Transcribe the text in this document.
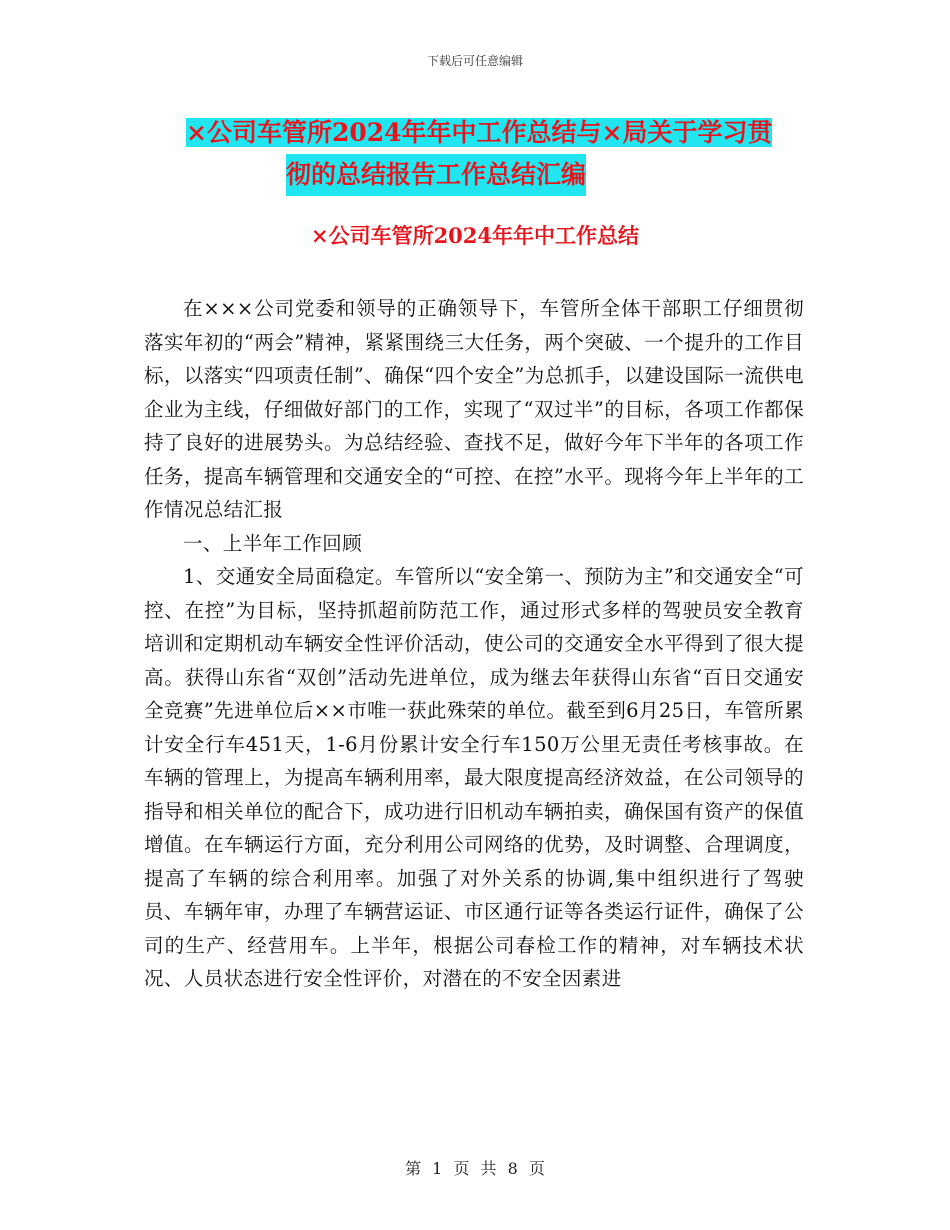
下载后可任意编辑
×公司车管所2024年年中工作总结与×局关于学习贯
彻的总结报告工作总结汇编
×公司车管所2024年年中工作总结

在×××公司党委和领导的正确领导下，车管所全体干部职工仔细贯彻落实年初的“两会”精神，紧紧围绕三大任务，两个突破、一个提升的工作目标，以落实“四项责任制”、确保“四个安全”为总抓手，以建设国际一流供电企业为主线，仔细做好部门的工作，实现了“双过半”的目标，各项工作都保持了良好的进展势头。为总结经验、查找不足，做好今年下半年的各项工作任务，提高车辆管理和交通安全的“可控、在控”水平。现将今年上半年的工作情况总结汇报

一、上半年工作回顾

1、交通安全局面稳定。车管所以“安全第一、预防为主”和交通安全“可控、在控”为目标，坚持抓超前防范工作，通过形式多样的驾驶员安全教育培训和定期机动车辆安全性评价活动，使公司的交通安全水平得到了很大提高。获得山东省“双创”活动先进单位，成为继去年获得山东省“百日交通安全竞赛”先进单位后××市唯一获此殊荣的单位。截至到6月25日，车管所累计安全行车451天，1-6月份累计安全行车150万公里无责任考核事故。在车辆的管理上，为提高车辆利用率，最大限度提高经济效益，在公司领导的指导和相关单位的配合下，成功进行旧机动车辆拍卖，确保国有资产的保值增值。在车辆运行方面，充分利用公司网络的优势，及时调整、合理调度，提高了车辆的综合利用率。加强了对外关系的协调,集中组织进行了驾驶员、车辆年审，办理了车辆营运证、市区通行证等各类运行证件，确保了公司的生产、经营用车。上半年，根据公司春检工作的精神，对车辆技术状况、人员状态进行安全性评价，对潜在的不安全因素进

第 1 页 共 8 页
